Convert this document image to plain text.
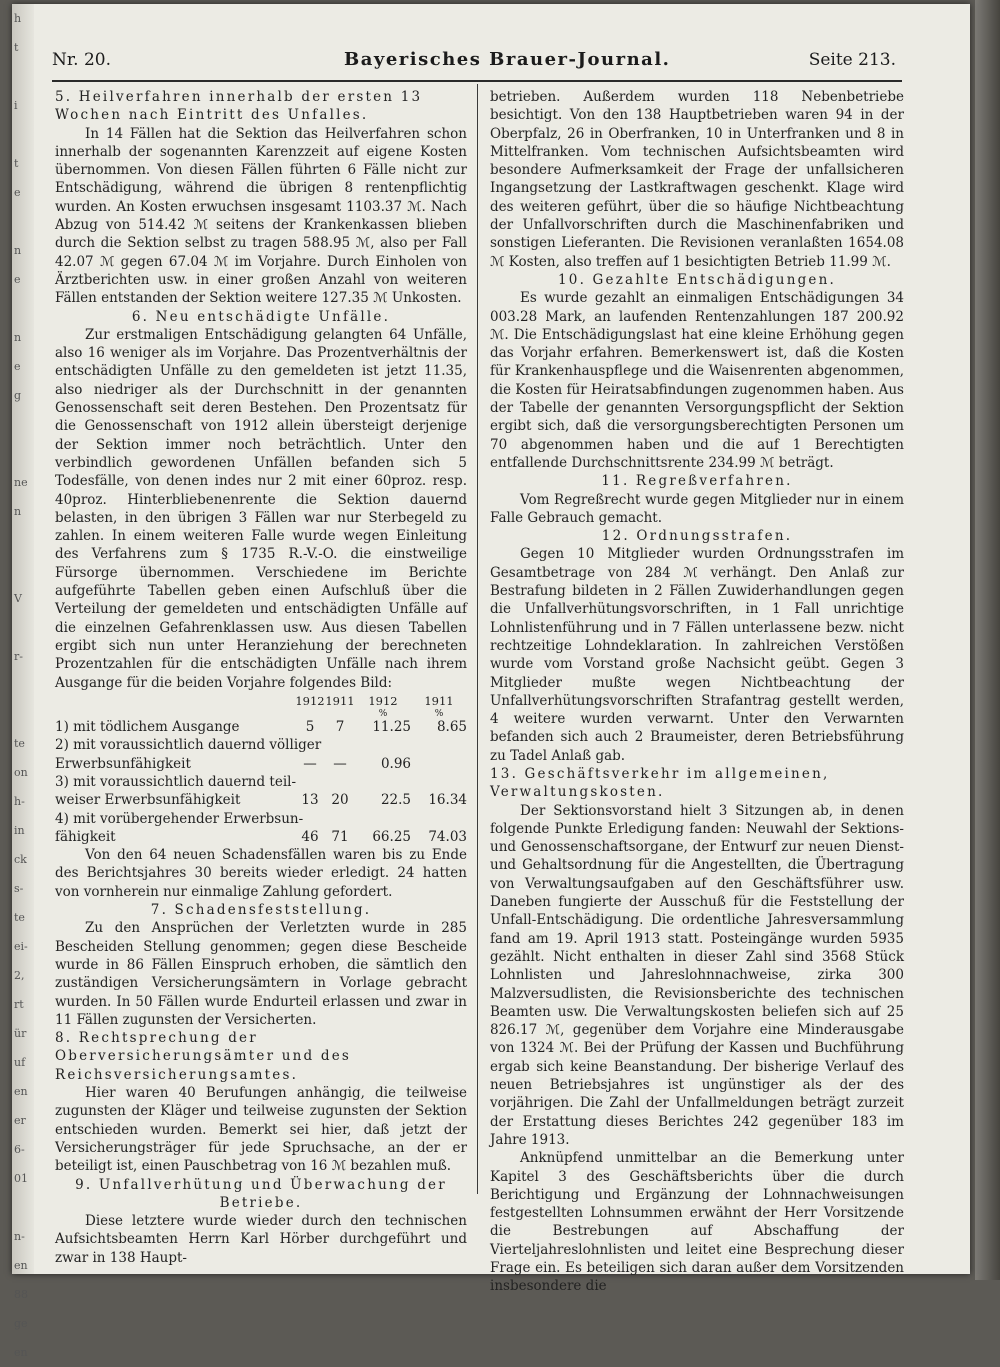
h
t

i

t
e

n
e

n
e
g

ne
n

V

r-

te
on
h-
in
ck
s-
te
ei-
2,
rt
ür
uf
en
er
6-
01

n-
en
88
ge
en
Nr. 20.	Bayerisches Brauer-Journal.	Seite 213.
5. Heilverfahren innerhalb der ersten 13 Wochen nach Eintritt des Unfalles.

In 14 Fällen hat die Sektion das Heilverfahren schon innerhalb der sogenannten Karenzzeit auf eigene Kosten übernommen. Von diesen Fällen führten 6 Fälle nicht zur Entschädigung, während die übrigen 8 rentenpflichtig wurden. An Kosten erwuchsen insgesamt 1103.37 ℳ. Nach Abzug von 514.42 ℳ seitens der Krankenkassen blieben durch die Sektion selbst zu tragen 588.95 ℳ, also per Fall 42.07 ℳ gegen 67.04 ℳ im Vorjahre. Durch Einholen von Ärztberichten usw. in einer großen Anzahl von weiteren Fällen entstanden der Sektion weitere 127.35 ℳ Unkosten.

6. Neu entschädigte Unfälle.

Zur erstmaligen Entschädigung gelangten 64 Unfälle, also 16 weniger als im Vorjahre. Das Prozentverhältnis der entschädigten Unfälle zu den gemeldeten ist jetzt 11.35, also niedriger als der Durchschnitt in der genannten Genossenschaft seit deren Bestehen. Den Prozentsatz für die Genossenschaft von 1912 allein übersteigt derjenige der Sektion immer noch beträchtlich. Unter den verbindlich gewordenen Unfällen befanden sich 5 Todesfälle, von denen indes nur 2 mit einer 60proz. resp. 40proz. Hinterbliebenenrente die Sektion dauernd belasten, in den übrigen 3 Fällen war nur Sterbegeld zu zahlen. In einem weiteren Falle wurde wegen Einleitung des Verfahrens zum § 1735 R.-V.-O. die einstweilige Fürsorge übernommen. Verschiedene im Berichte aufgeführte Tabellen geben einen Aufschluß über die Verteilung der gemeldeten und entschädigten Unfälle auf die einzelnen Gefahrenklassen usw. Aus diesen Tabellen ergibt sich nun unter Heranziehung der berechneten Prozentzahlen für die entschädigten Unfälle nach ihrem Ausgange für die beiden Vorjahre folgendes Bild:

	1912	1911	1912	1911
			%	%
1) mit tödlichem Ausgange	5	7	11.25	8.65
2) mit voraussichtlich dauernd völliger				
Erwerbsunfähigkeit	—	—	0.96	
3) mit voraussichtlich dauernd teil-				
weiser Erwerbsunfähigkeit	13	20	22.5	16.34
4) mit vorübergehender Erwerbsun-				
fähigkeit	46	71	66.25	74.03

Von den 64 neuen Schadensfällen waren bis zu Ende des Berichtsjahres 30 bereits wieder erledigt. 24 hatten von vornherein nur einmalige Zahlung gefordert.

7. Schadensfeststellung.

Zu den Ansprüchen der Verletzten wurde in 285 Bescheiden Stellung genommen; gegen diese Bescheide wurde in 86 Fällen Einspruch erhoben, die sämtlich den zuständigen Versicherungsämtern in Vorlage gebracht wurden. In 50 Fällen wurde Endurteil erlassen und zwar in 11 Fällen zugunsten der Versicherten.

8. Rechtsprechung der Oberversicherungsämter und des Reichsversicherungsamtes.

Hier waren 40 Berufungen anhängig, die teilweise zugunsten der Kläger und teilweise zugunsten der Sektion entschieden wurden. Bemerkt sei hier, daß jetzt der Versicherungsträger für jede Spruchsache, an der er beteiligt ist, einen Pauschbetrag von 16 ℳ bezahlen muß.

9. Unfallverhütung und Überwachung der Betriebe.

Diese letztere wurde wieder durch den technischen Aufsichtsbeamten Herrn Karl Hörber durchgeführt und zwar in 138 Haupt-

betrieben. Außerdem wurden 118 Nebenbetriebe besichtigt. Von den 138 Hauptbetrieben waren 94 in der Oberpfalz, 26 in Oberfranken, 10 in Unterfranken und 8 in Mittelfranken. Vom technischen Aufsichtsbeamten wird besondere Aufmerksamkeit der Frage der unfallsicheren Ingangsetzung der Lastkraftwagen geschenkt. Klage wird des weiteren geführt, über die so häufige Nichtbeachtung der Unfallvorschriften durch die Maschinenfabriken und sonstigen Lieferanten. Die Revisionen veranlaßten 1654.08 ℳ Kosten, also treffen auf 1 besichtigten Betrieb 11.99 ℳ.

10. Gezahlte Entschädigungen.

Es wurde gezahlt an einmaligen Entschädigungen 34 003.28 Mark, an laufenden Rentenzahlungen 187 200.92 ℳ. Die Entschädigungslast hat eine kleine Erhöhung gegen das Vorjahr erfahren. Bemerkenswert ist, daß die Kosten für Krankenhauspflege und die Waisenrenten abgenommen, die Kosten für Heiratsabfindungen zugenommen haben. Aus der Tabelle der genannten Versorgungspflicht der Sektion ergibt sich, daß die versorgungsberechtigten Personen um 70 abgenommen haben und die auf 1 Berechtigten entfallende Durchschnittsrente 234.99 ℳ beträgt.

11. Regreßverfahren.

Vom Regreßrecht wurde gegen Mitglieder nur in einem Falle Gebrauch gemacht.

12. Ordnungsstrafen.

Gegen 10 Mitglieder wurden Ordnungsstrafen im Gesamtbetrage von 284 ℳ verhängt. Den Anlaß zur Bestrafung bildeten in 2 Fällen Zuwiderhandlungen gegen die Unfallverhütungsvorschriften, in 1 Fall unrichtige Lohnlistenführung und in 7 Fällen unterlassene bezw. nicht rechtzeitige Lohndeklaration. In zahlreichen Verstößen wurde vom Vorstand große Nachsicht geübt. Gegen 3 Mitglieder mußte wegen Nichtbeachtung der Unfallverhütungsvorschriften Strafantrag gestellt werden, 4 weitere wurden verwarnt. Unter den Verwarnten befanden sich auch 2 Braumeister, deren Betriebsführung zu Tadel Anlaß gab.

13. Geschäftsverkehr im allgemeinen, Verwaltungskosten.

Der Sektionsvorstand hielt 3 Sitzungen ab, in denen folgende Punkte Erledigung fanden: Neuwahl der Sektions- und Genossenschaftsorgane, der Entwurf zur neuen Dienst- und Gehaltsordnung für die Angestellten, die Übertragung von Verwaltungsaufgaben auf den Geschäftsführer usw. Daneben fungierte der Ausschuß für die Feststellung der Unfall-Entschädigung. Die ordentliche Jahresversammlung fand am 19. April 1913 statt. Posteingänge wurden 5935 gezählt. Nicht enthalten in dieser Zahl sind 3568 Stück Lohnlisten und Jahreslohnnachweise, zirka 300 Malzversudlisten, die Revisionsberichte des technischen Beamten usw. Die Verwaltungskosten beliefen sich auf 25 826.17 ℳ, gegenüber dem Vorjahre eine Minderausgabe von 1324 ℳ. Bei der Prüfung der Kassen und Buchführung ergab sich keine Beanstandung. Der bisherige Verlauf des neuen Betriebsjahres ist ungünstiger als der des vorjährigen. Die Zahl der Unfallmeldungen beträgt zurzeit der Erstattung dieses Berichtes 242 gegenüber 183 im Jahre 1913.

Anknüpfend unmittelbar an die Bemerkung unter Kapitel 3 des Geschäftsberichts über die durch Berichtigung und Ergänzung der Lohnnachweisungen festgestellten Lohnsummen erwähnt der Herr Vorsitzende die Bestrebungen auf Abschaffung der Vierteljahreslohnlisten und leitet eine Besprechung dieser Frage ein. Es beteiligen sich daran außer dem Vorsitzenden insbesondere die
